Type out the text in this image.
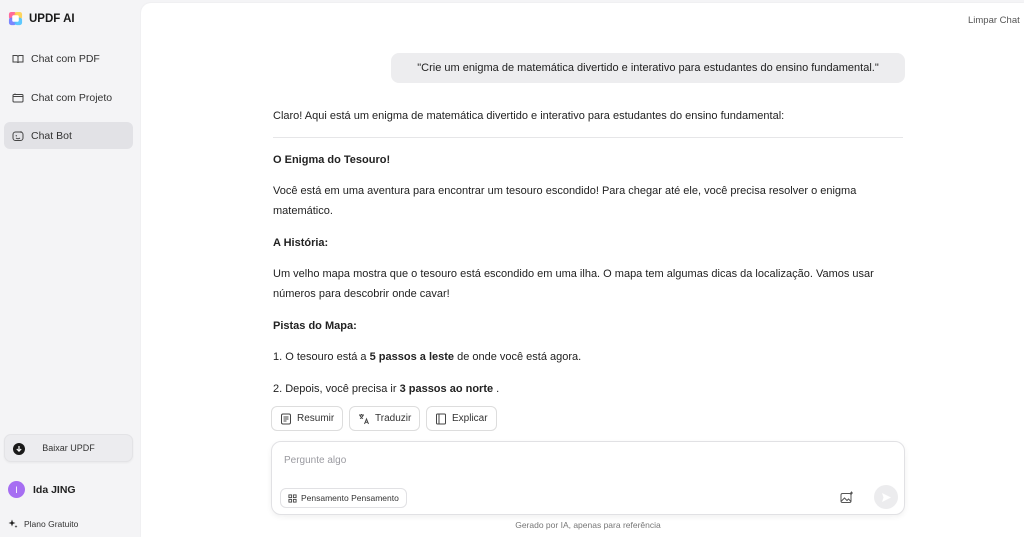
UPDF AI
Chat com PDF
Chat com Projeto
Chat Bot
Baixar UPDF
I	Ida JING
Plano Gratuito
Limpar Chat
"Crie um enigma de matemática divertido e interativo para estudantes do ensino fundamental."
Claro! Aqui está um enigma de matemática divertido e interativo para estudantes do ensino fundamental:
O Enigma do Tesouro!
Você está em uma aventura para encontrar um tesouro escondido! Para chegar até ele, você precisa resolver o enigma matemático.
A História:
Um velho mapa mostra que o tesouro está escondido em uma ilha. O mapa tem algumas dicas da localização. Vamos usar números para descobrir onde cavar!
Pistas do Mapa:
1. O tesouro está a 5 passos a leste de onde você está agora.
2. Depois, você precisa ir 3 passos ao norte .
Resumir	Traduzir	Explicar
Pergunte algo
Pensamento Pensamento
Gerado por IA, apenas para referência
